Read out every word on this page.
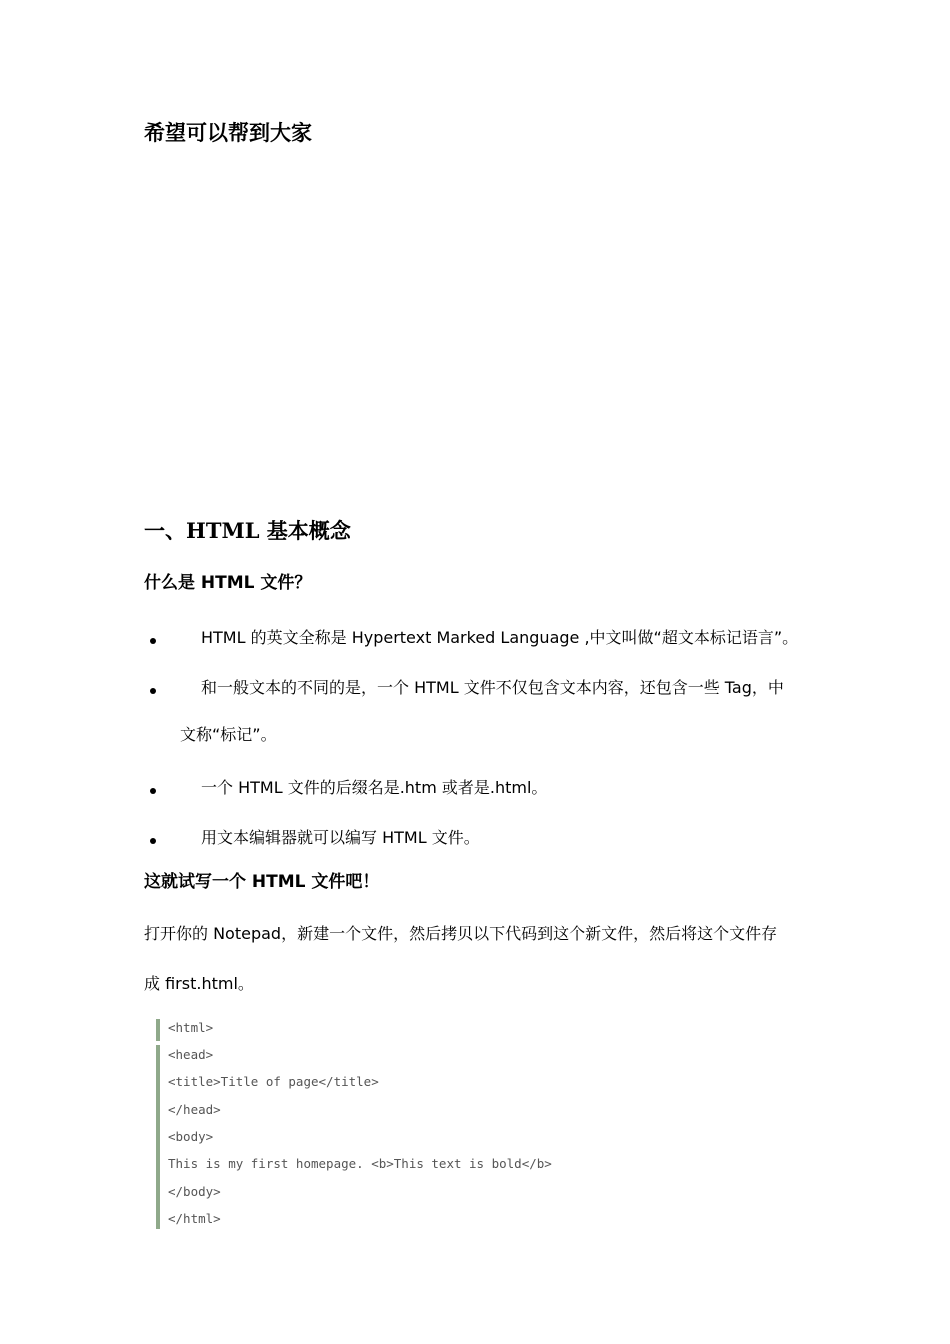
希望可以帮到大家
一、HTML 基本概念
什么是 HTML 文件？
HTML 的英文全称是 Hypertext Marked Language ,中文叫做“超文本标记语言”。
和一般文本的不同的是，一个 HTML 文件不仅包含文本内容，还包含一些 Tag，中
文称“标记”。
一个 HTML 文件的后缀名是.htm 或者是.html。
用文本编辑器就可以编写 HTML 文件。
这就试写一个 HTML 文件吧！
打开你的 Notepad，新建一个文件，然后拷贝以下代码到这个新文件，然后将这个文件存
成 first.html。
<html>
<head>
<title>Title of page</title>
</head>
<body>
This is my first homepage. <b>This text is bold</b>
</body>
</html>
